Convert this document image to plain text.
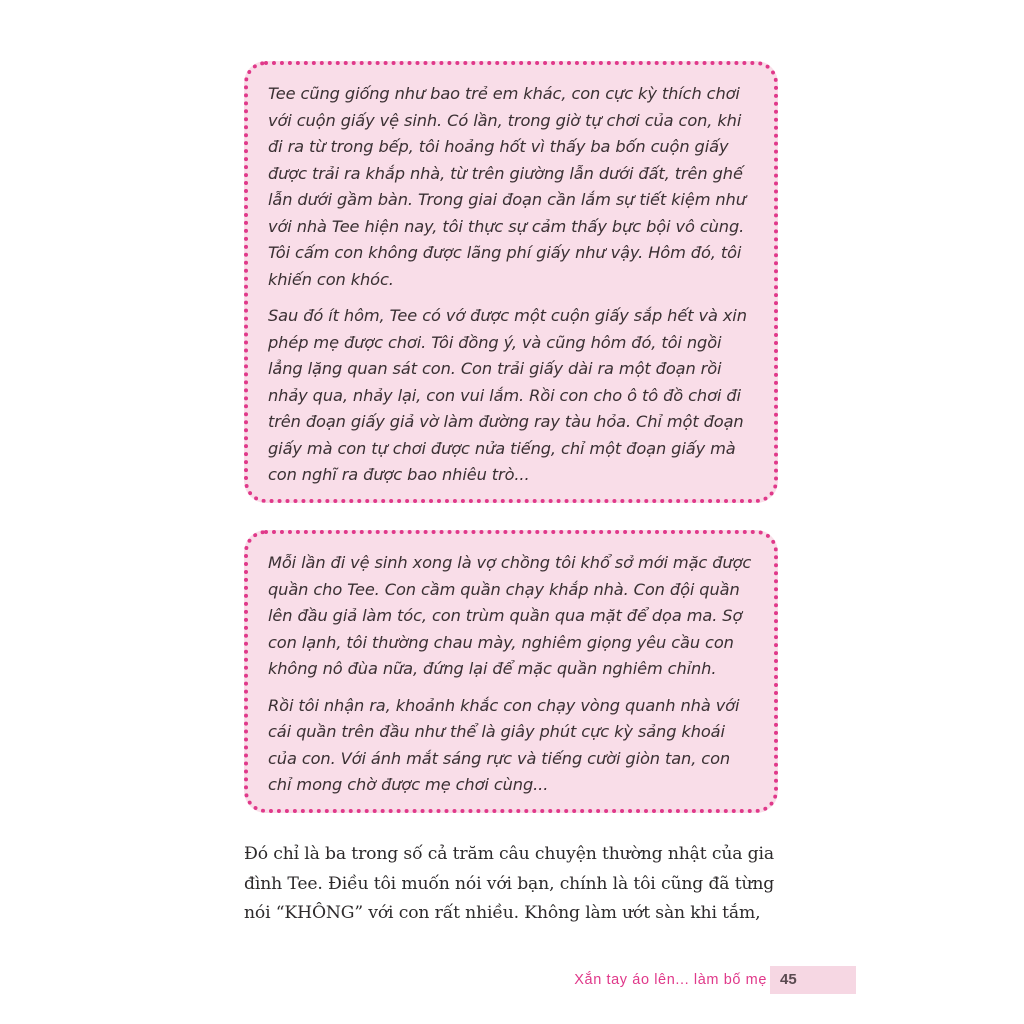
Tee cũng giống như bao trẻ em khác, con cực kỳ thích chơi với cuộn giấy vệ sinh. Có lần, trong giờ tự chơi của con, khi đi ra từ trong bếp, tôi hoảng hốt vì thấy ba bốn cuộn giấy được trải ra khắp nhà, từ trên giường lẫn dưới đất, trên ghế lẫn dưới gầm bàn. Trong giai đoạn cần lắm sự tiết kiệm như với nhà Tee hiện nay, tôi thực sự cảm thấy bực bội vô cùng. Tôi cấm con không được lãng phí giấy như vậy. Hôm đó, tôi khiến con khóc.

Sau đó ít hôm, Tee có vớ được một cuộn giấy sắp hết và xin phép mẹ được chơi. Tôi đồng ý, và cũng hôm đó, tôi ngồi lẳng lặng quan sát con. Con trải giấy dài ra một đoạn rồi nhảy qua, nhảy lại, con vui lắm. Rồi con cho ô tô đồ chơi đi trên đoạn giấy giả vờ làm đường ray tàu hỏa. Chỉ một đoạn giấy mà con tự chơi được nửa tiếng, chỉ một đoạn giấy mà con nghĩ ra được bao nhiêu trò...

Mỗi lần đi vệ sinh xong là vợ chồng tôi khổ sở mới mặc được quần cho Tee. Con cầm quần chạy khắp nhà. Con đội quần lên đầu giả làm tóc, con trùm quần qua mặt để dọa ma. Sợ con lạnh, tôi thường chau mày, nghiêm giọng yêu cầu con không nô đùa nữa, đứng lại để mặc quần nghiêm chỉnh.

Rồi tôi nhận ra, khoảnh khắc con chạy vòng quanh nhà với cái quần trên đầu như thể là giây phút cực kỳ sảng khoái của con. Với ánh mắt sáng rực và tiếng cười giòn tan, con chỉ mong chờ được mẹ chơi cùng...

Đó chỉ là ba trong số cả trăm câu chuyện thường nhật của gia đình Tee. Điều tôi muốn nói với bạn, chính là tôi cũng đã từng nói “KHÔNG” với con rất nhiều. Không làm ướt sàn khi tắm,

Xắn tay áo lên... làm bố mẹ 45
